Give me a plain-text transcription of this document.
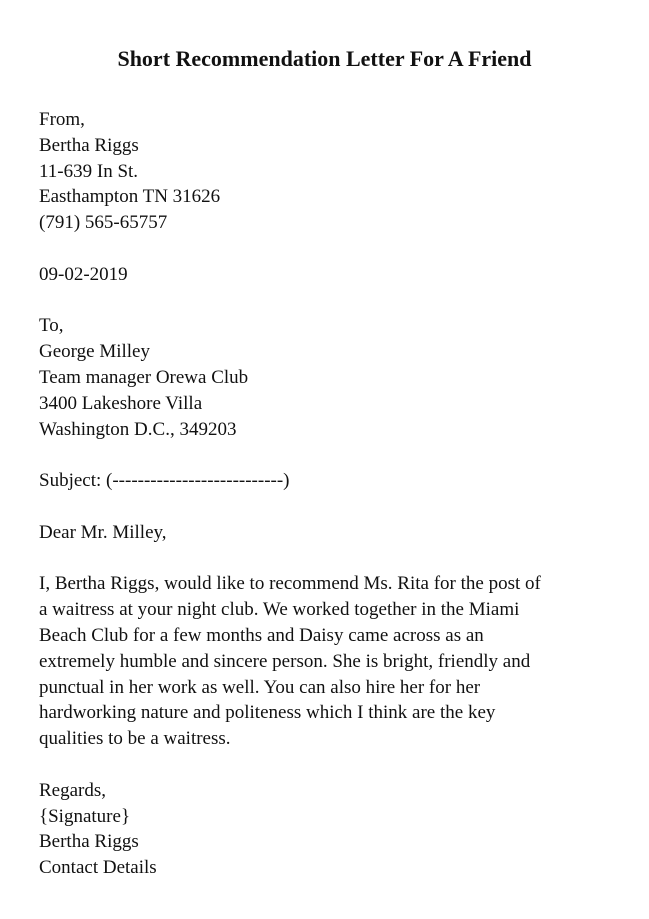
Short Recommendation Letter For A Friend
From,
Bertha Riggs
11-639 In St.
Easthampton TN 31626
(791) 565-65757
09-02-2019
To,
George Milley
Team manager Orewa Club
3400 Lakeshore Villa
Washington D.C., 349203
Subject: (---------------------------)
Dear Mr. Milley,
I, Bertha Riggs, would like to recommend Ms. Rita for the post of
a waitress at your night club. We worked together in the Miami
Beach Club for a few months and Daisy came across as an
extremely humble and sincere person. She is bright, friendly and
punctual in her work as well. You can also hire her for her
hardworking nature and politeness which I think are the key
qualities to be a waitress.
Regards,
{Signature}
Bertha Riggs
Contact Details
